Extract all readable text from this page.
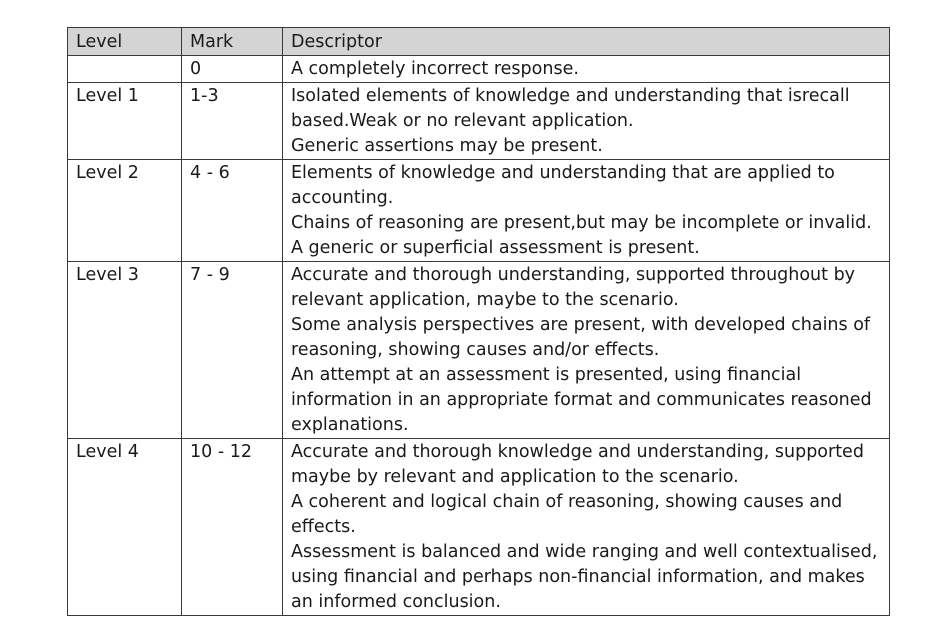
Level	Mark	Descriptor
	0	A completely incorrect response.

Level 1	1-3	Isolated elements of knowledge and understanding that isrecall based.Weak or no relevant application.
Generic assertions may be present.

Level 2	4 - 6	Elements of knowledge and understanding that are applied to accounting.
Chains of reasoning are present,but may be incomplete or invalid.
A generic or superficial assessment is present.

Level 3	7 - 9	Accurate and thorough understanding, supported throughout by relevant application, maybe to the scenario.
Some analysis perspectives are present, with developed chains of reasoning, showing causes and/or effects.
An attempt at an assessment is presented, using financial information in an appropriate format and communicates reasoned explanations.

Level 4	10 - 12	Accurate and thorough knowledge and understanding, supported maybe by relevant and application to the scenario.
A coherent and logical chain of reasoning, showing causes and effects.
Assessment is balanced and wide ranging and well contextualised, using financial and perhaps non-financial information, and makes an informed conclusion.
